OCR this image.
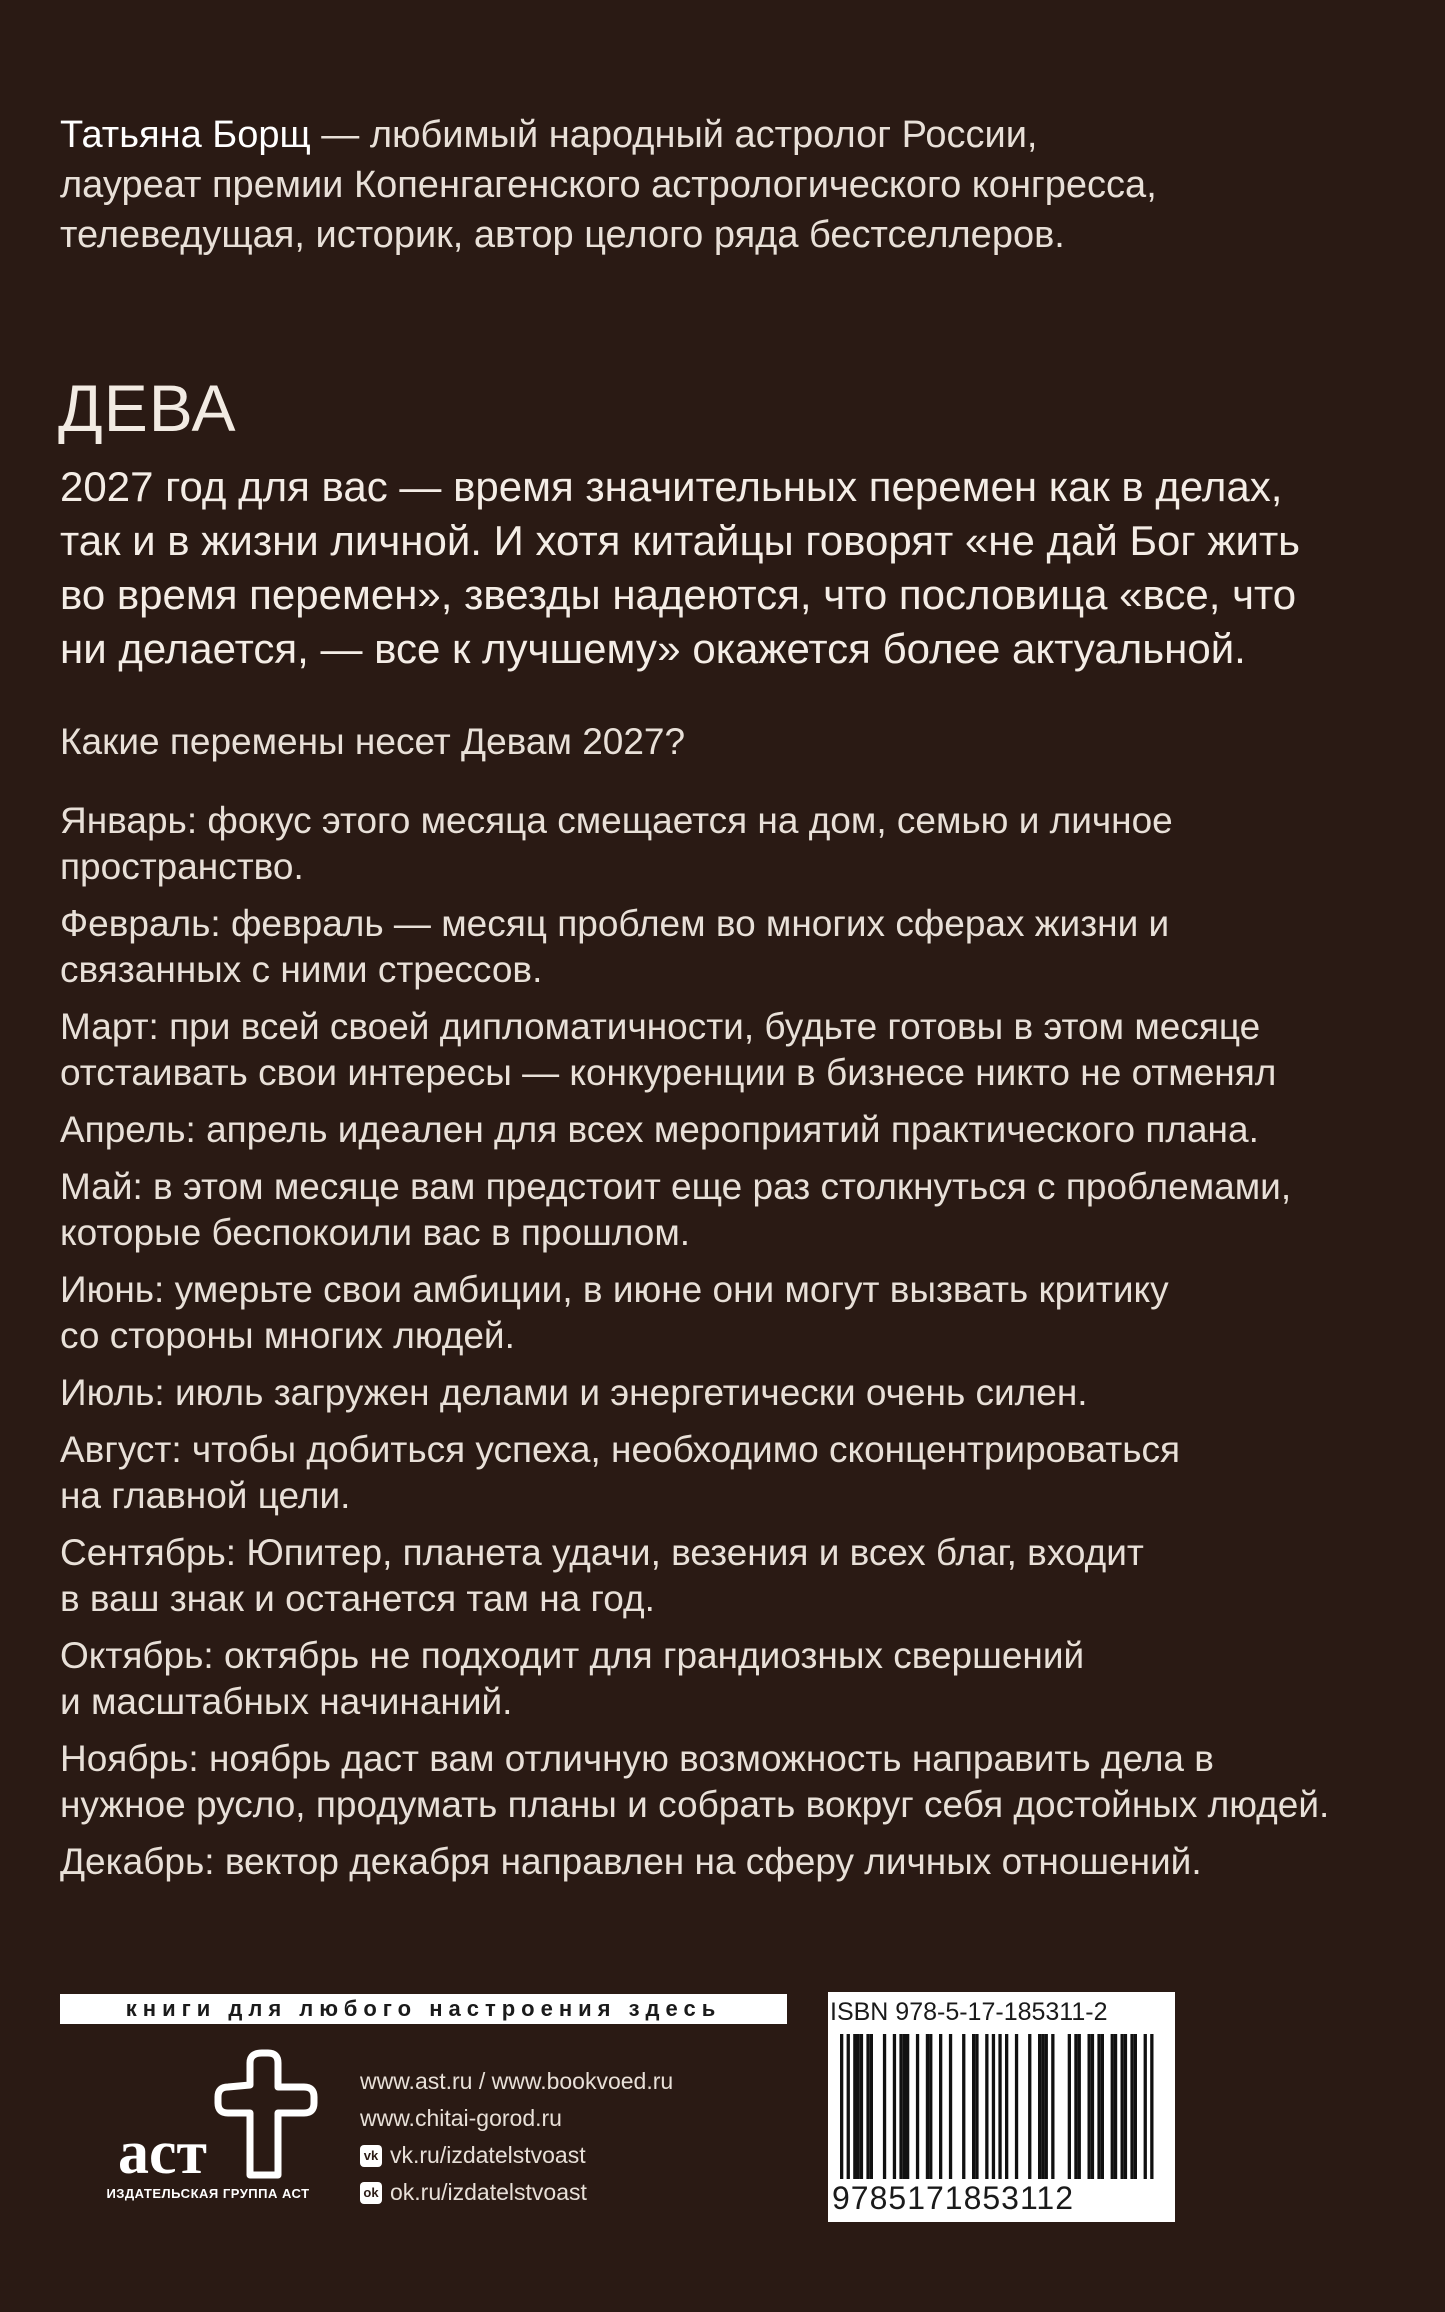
Татьяна Борщ — любимый народный астролог России,
лауреат премии Копенгагенского астрологического конгресса,
телеведущая, историк, автор целого ряда бестселлеров.
ДЕВА
2027 год для вас — время значительных перемен как в делах,
так и в жизни личной. И хотя китайцы говорят «не дай Бог жить
во время перемен», звезды надеются, что пословица «все, что
ни делается, — все к лучшему» окажется более актуальной.
Какие перемены несет Девам 2027?
Январь: фокус этого месяца смещается на дом, семью и личное
пространство.
Февраль: февраль — месяц проблем во многих сферах жизни и
связанных с ними стрессов.
Март: при всей своей дипломатичности, будьте готовы в этом месяце
отстаивать свои интересы — конкуренции в бизнесе никто не отменял
Апрель: апрель идеален для всех мероприятий практического плана.
Май: в этом месяце вам предстоит еще раз столкнуться с проблемами,
которые беспокоили вас в прошлом.
Июнь: умерьте свои амбиции, в июне они могут вызвать критику
со стороны многих людей.
Июль: июль загружен делами и энергетически очень силен.
Август: чтобы добиться успеха, необходимо сконцентрироваться
на главной цели.
Сентябрь: Юпитер, планета удачи, везения и всех благ, входит
в ваш знак и останется там на год.
Октябрь: октябрь не подходит для грандиозных свершений
и масштабных начинаний.
Ноябрь: ноябрь даст вам отличную возможность направить дела в
нужное русло, продумать планы и собрать вокруг себя достойных людей.
Декабрь: вектор декабря направлен на сферу личных отношений.
книги для любого настроения здесь
аст
ИЗДАТЕЛЬСКАЯ ГРУППА АСТ
www.ast.ru / www.bookvoed.ru
www.chitai-gorod.ru
vk vk.ru/izdatelstvoast
ok ok.ru/izdatelstvoast
ISBN 978-5-17-185311-2
9785171853112
